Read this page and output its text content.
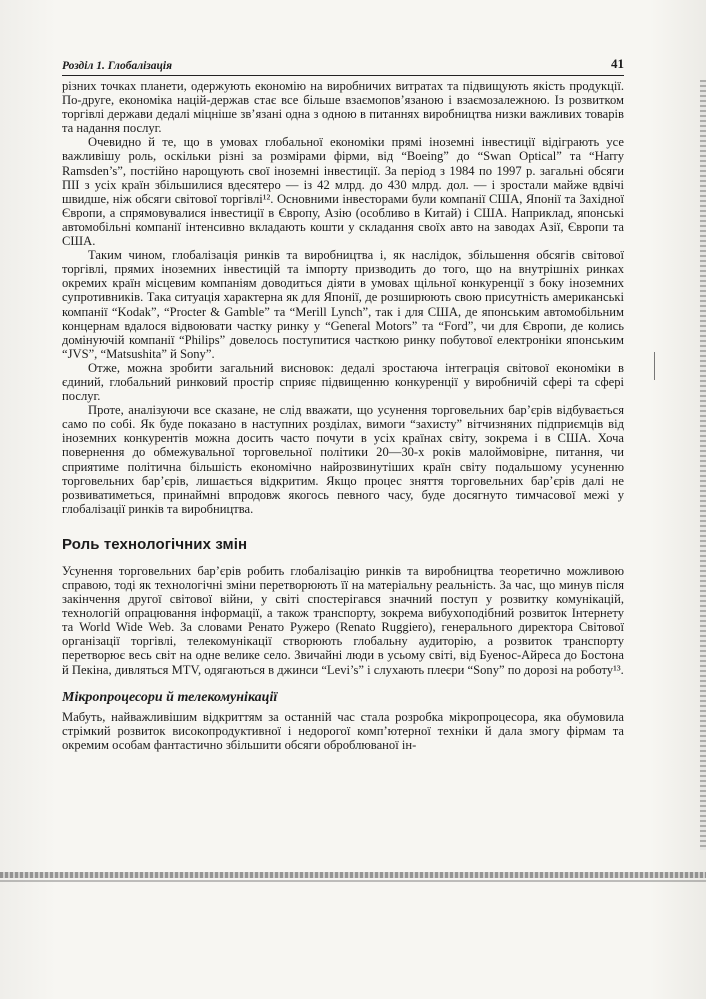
Розділ 1. Глобалізація	41

різних точках планети, одержують економію на виробничих витратах та підвищують якість продукції. По-друге, економіка націй-держав стає все більше взаємопов’язаною і взаємозалежною. Із розвитком торгівлі держави дедалі міцніше зв’язані одна з одною в питаннях виробництва низки важливих товарів та надання послуг.

Очевидно й те, що в умовах глобальної економіки прямі іноземні інвестиції відіграють усе важливішу роль, оскільки різні за розмірами фірми, від “Boeing” до “Swan Optical” та “Harry Ramsden’s”, постійно нарощують свої іноземні інвестиції. За період з 1984 по 1997 р. загальні обсяги ПІІ з усіх країн збільшилися вдесятеро — із 42 млрд. до 430 млрд. дол. — і зростали майже вдвічі швидше, ніж обсяги світової торгівлі¹². Основними інвесторами були компанії США, Японії та Західної Європи, а спрямовувалися інвестиції в Європу, Азію (особливо в Китай) і США. Наприклад, японські автомобільні компанії інтенсивно вкладають кошти у складання своїх авто на заводах Азії, Європи та США.

Таким чином, глобалізація ринків та виробництва і, як наслідок, збільшення обсягів світової торгівлі, прямих іноземних інвестицій та імпорту призводить до того, що на внутрішніх ринках окремих країн місцевим компаніям доводиться діяти в умовах щільної конкуренції з боку іноземних супротивників. Така ситуація характерна як для Японії, де розширюють свою присутність американські компанії “Kodak”, “Procter & Gamble” та “Merill Lynch”, так і для США, де японським автомобільним концернам вдалося відвоювати частку ринку у “General Motors” та “Ford”, чи для Європи, де колись домінуючій компанії “Philips” довелось поступитися часткою ринку побутової електроніки японським “JVS”, “Matsushita” й Sony”.

Отже, можна зробити загальний висновок: дедалі зростаюча інтеграція світової економіки в єдиний, глобальний ринковий простір сприяє підвищенню конкуренції у виробничій сфері та сфері послуг.

Проте, аналізуючи все сказане, не слід вважати, що усунення торговельних бар’єрів відбувається само по собі. Як буде показано в наступних розділах, вимоги “захисту” вітчизняних підприємців від іноземних конкурентів можна досить часто почути в усіх країнах світу, зокрема і в США. Хоча повернення до обмежувальної торговельної політики 20—30-х років малоймовірне, питання, чи сприятиме політична більшість економічно найрозвинутіших країн світу подальшому усуненню торговельних бар’єрів, лишається відкритим. Якщо процес зняття торговельних бар’єрів далі не розвиватиметься, принаймні впродовж якогось певного часу, буде досягнуто тимчасової межі у глобалізації ринків та виробництва.

Роль технологічних змін

Усунення торговельних бар’єрів робить глобалізацію ринків та виробництва теоретично можливою справою, тоді як технологічні зміни перетворюють її на матеріальну реальність. За час, що минув після закінчення другої світової війни, у світі спостерігався значний поступ у розвитку комунікацій, технологій опрацювання інформації, а також транспорту, зокрема вибухоподібний розвиток Інтернету та World Wide Web. За словами Ренато Ружеро (Renato Ruggiero), генерального директора Світової організації торгівлі, телекомунікації створюють глобальну аудиторію, а розвиток транспорту перетворює весь світ на одне велике село. Звичайні люди в усьому світі, від Буенос-Айреса до Бостона й Пекіна, дивляться MTV, одягаються в джинси “Levi’s” і слухають плеєри “Sony” по дорозі на роботу¹³.

Мікропроцесори й телекомунікації

Мабуть, найважливішим відкриттям за останній час стала розробка мікропроцесора, яка обумовила стрімкий розвиток високопродуктивної і недорогої комп’ютерної техніки й дала змогу фірмам та окремим особам фантастично збільшити обсяги оброблюваної ін-
